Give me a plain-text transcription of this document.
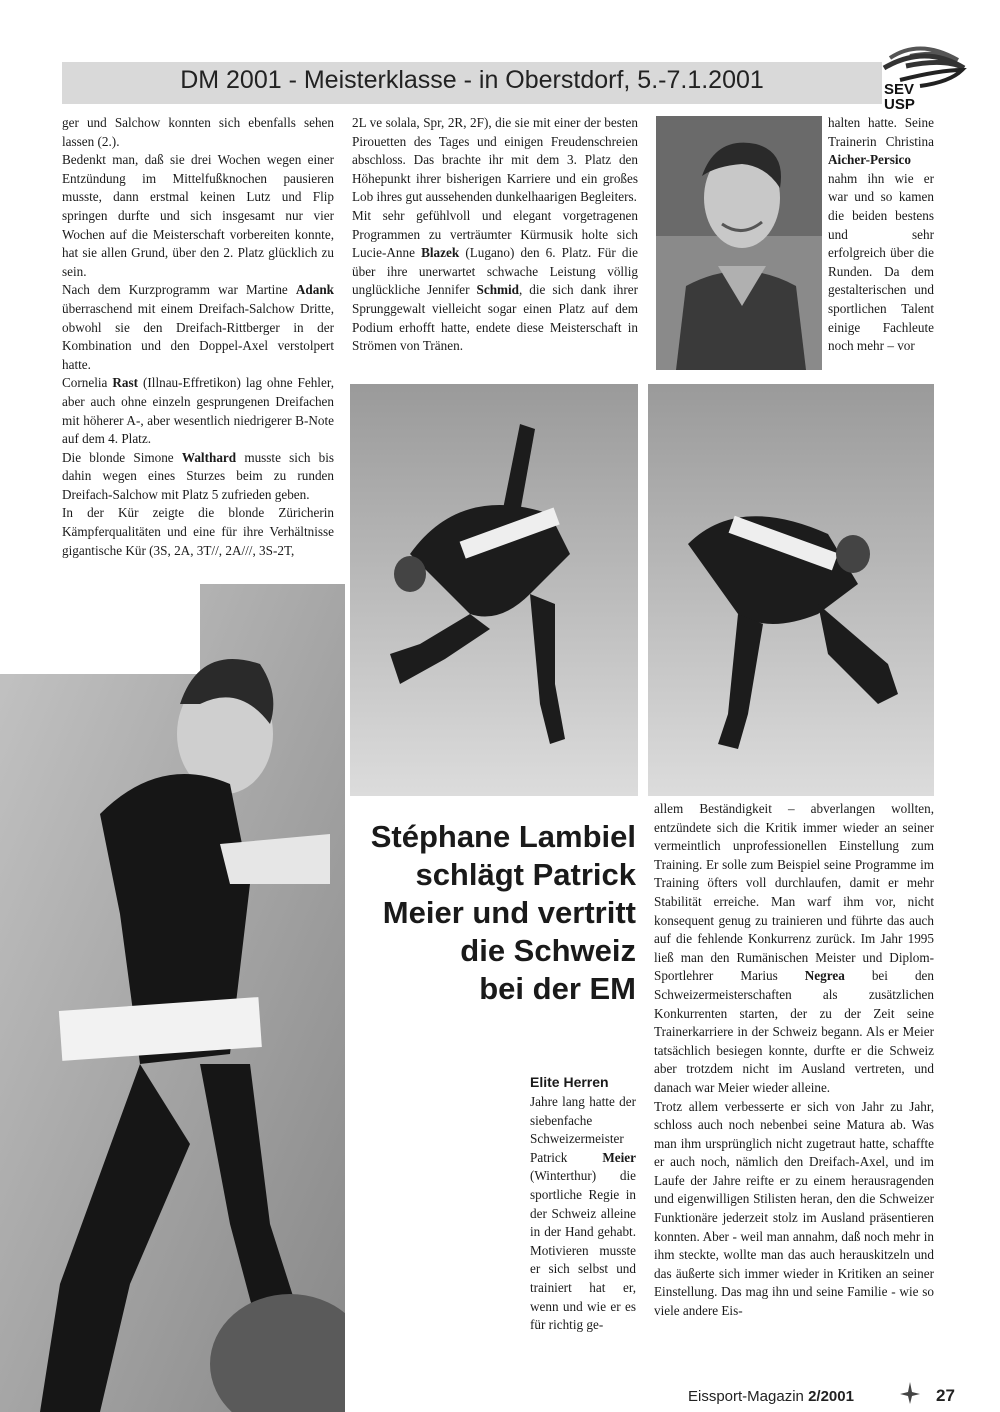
DM 2001 - Meisterklasse - in Oberstdorf, 5.-7.1.2001	SEV
USP

ger und Salchow konnten sich ebenfalls sehen lassen (2.).

Bedenkt man, daß sie drei Wochen wegen einer Entzündung im Mittelfußknochen pausieren musste, dann erstmal keinen Lutz und Flip springen durfte und sich insgesamt nur vier Wochen auf die Meisterschaft vorbereiten konnte, hat sie allen Grund, über den 2. Platz glücklich zu sein.

Nach dem Kurzprogramm war Martine Adank überraschend mit einem Dreifach-Salchow Dritte, obwohl sie den Dreifach-Rittberger in der Kombination und den Doppel-Axel verstolpert hatte.

Cornelia Rast (Illnau-Effretikon) lag ohne Fehler, aber auch ohne einzeln gesprungenen Dreifachen mit höherer A-, aber wesentlich niedrigerer B-Note auf dem 4. Platz.

Die blonde Simone Walthard musste sich bis dahin wegen eines Sturzes beim zu runden Dreifach-Salchow mit Platz 5 zufrieden geben.

In der Kür zeigte die blonde Züricherin Kämpferqualitäten und eine für ihre Verhältnisse gigantische Kür (3S, 2A, 3T//, 2A///, 3S-2T,

2L ve solala, Spr, 2R, 2F), die sie mit einer der besten Pirouetten des Tages und einigen Freudenschreien abschloss. Das brachte ihr mit dem 3. Platz den Höhepunkt ihrer bisherigen Karriere und ein großes Lob ihres gut aussehenden dunkelhaarigen Begleiters.

Mit sehr gefühlvoll und elegant vorgetragenen Programmen zu verträumter Kürmusik holte sich Lucie-Anne Blazek (Lugano) den 6. Platz. Für die über ihre unerwartet schwache Leistung völlig unglückliche Jennifer Schmid, die sich dank ihrer Sprunggewalt vielleicht sogar einen Platz auf dem Podium erhofft hatte, endete diese Meisterschaft in Strömen von Tränen.

halten hatte. Seine Trainerin Christina Aicher-Persico nahm ihn wie er war und so kamen die beiden bestens und sehr erfolgreich über die Runden. Da dem gestalterischen und sportlichen Talent einige Fachleute noch mehr – vor

Stéphane Lambiel
schlägt Patrick
Meier und vertritt
die Schweiz
bei der EM
Elite Herren

Jahre lang hatte der siebenfache Schweizermeister Patrick Meier (Winterthur) die sportliche Regie in der Schweiz alleine in der Hand gehabt. Motivieren musste er sich selbst und trainiert hat er, wenn und wie er es für richtig ge-

allem Beständigkeit – abverlangen wollten, entzündete sich die Kritik immer wieder an seiner vermeintlich unprofessionellen Einstellung zum Training. Er solle zum Beispiel seine Programme im Training öfters voll durchlaufen, damit er mehr Stabilität erreiche. Man warf ihm vor, nicht konsequent genug zu trainieren und führte das auch auf die fehlende Konkurrenz zurück. Im Jahr 1995 ließ man den Rumänischen Meister und Diplom-Sportlehrer Marius Negrea bei den Schweizermeisterschaften als zusätzlichen Konkurrenten starten, der zu der Zeit seine Trainerkarriere in der Schweiz begann. Als er Meier tatsächlich besiegen konnte, durfte er die Schweiz aber trotzdem nicht im Ausland vertreten, und danach war Meier wieder alleine.

Trotz allem verbesserte er sich von Jahr zu Jahr, schloss auch noch nebenbei seine Matura ab. Was man ihm ursprünglich nicht zugetraut hatte, schaffte er auch noch, nämlich den Dreifach-Axel, und im Laufe der Jahre reifte er zu einem herausragenden und eigenwilligen Stilisten heran, den die Schweizer Funktionäre jederzeit stolz im Ausland präsentieren konnten. Aber - weil man annahm, daß noch mehr in ihm steckte, wollte man das auch herauskitzeln und das äußerte sich immer wieder in Kritiken an seiner Einstellung. Das mag ihn und seine Familie - wie so viele andere Eis-

Eissport-Magazin 2/2001	27
